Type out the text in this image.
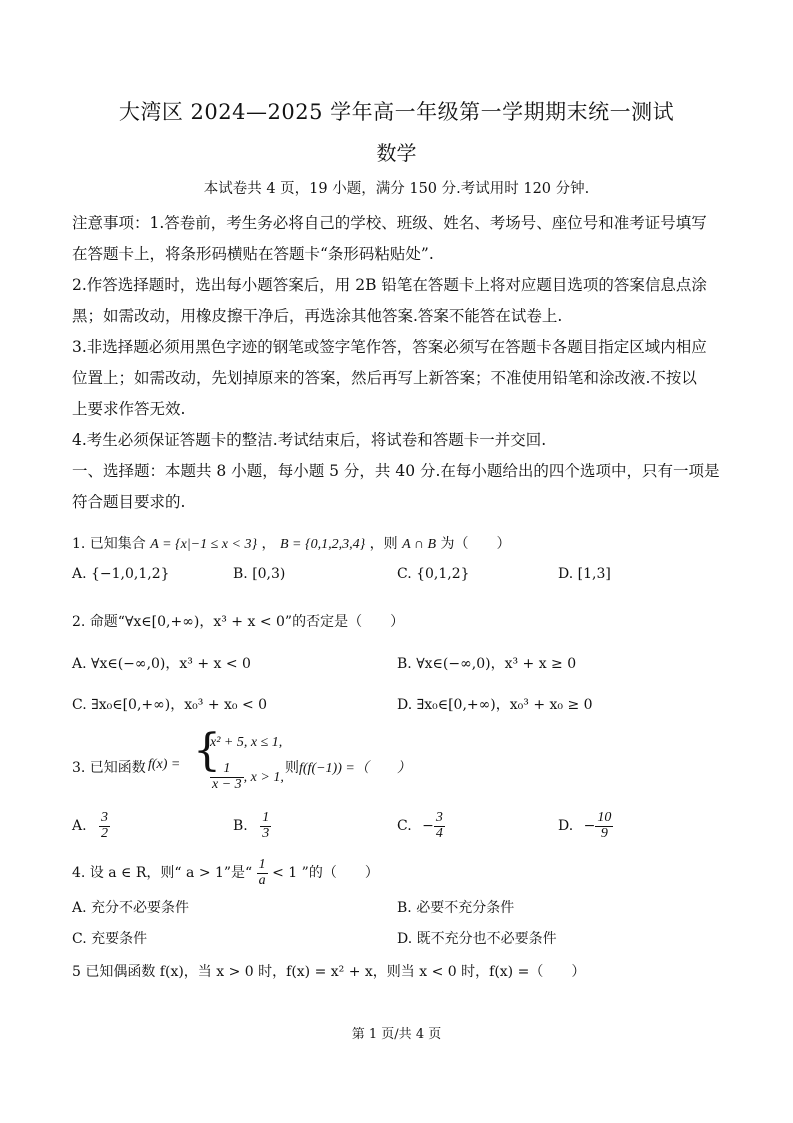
大湾区 2024—2025 学年高一年级第一学期期末统一测试
数学
本试卷共 4 页，19 小题，满分 150 分.考试用时 120 分钟.
注意事项：1.答卷前，考生务必将自己的学校、班级、姓名、考场号、座位号和准考证号填写
在答题卡上，将条形码横贴在答题卡“条形码粘贴处”.
2.作答选择题时，选出每小题答案后，用 2B 铅笔在答题卡上将对应题目选项的答案信息点涂
黑；如需改动，用橡皮擦干净后，再选涂其他答案.答案不能答在试卷上.
3.非选择题必须用黑色字迹的钢笔或签字笔作答，答案必须写在答题卡各题目指定区域内相应
位置上；如需改动，先划掉原来的答案，然后再写上新答案；不准使用铅笔和涂改液.不按以
上要求作答无效.
4.考生必须保证答题卡的整洁.考试结束后，将试卷和答题卡一并交回.
一、选择题：本题共 8 小题，每小题 5 分，共 40 分.在每小题给出的四个选项中，只有一项是
符合题目要求的.
1. 已知集合 A = {x|−1 ≤ x < 3} ， B = {0,1,2,3,4} ，则 A ∩ B 为（　　）
A. {−1,0,1,2}	B. [0,3)	C. {0,1,2}	D. [1,3]
2. 命题“∀x∈[0,+∞)，x³ + x < 0”的否定是（　　）
A. ∀x∈(−∞,0)，x³ + x < 0	B. ∀x∈(−∞,0)，x³ + x ≥ 0
C. ∃x₀∈[0,+∞)，x₀³ + x₀ < 0	D. ∃x₀∈[0,+∞)，x₀³ + x₀ ≥ 0
3. 已知函数 f(x) = {
x² + 5, x ≤ 1,
$\frac{1}{x - 3}$ , x > 1,
则f(f(−1)) =（　　）
A. $\frac{3}{2}$	B. $\frac{1}{3}$	C. − $\frac{3}{4}$	D. − $\frac{10}{9}$
4. 设 a ∈ R，则“ a > 1”是“ $\frac{1}{a} < 1$ ”的（　　）
A. 充分不必要条件	B. 必要不充分条件
C. 充要条件	D. 既不充分也不必要条件
5 已知偶函数 f(x)，当 x > 0 时，f(x) = x² + x，则当 x < 0 时，f(x) =（　　）
第 1 页/共 4 页
